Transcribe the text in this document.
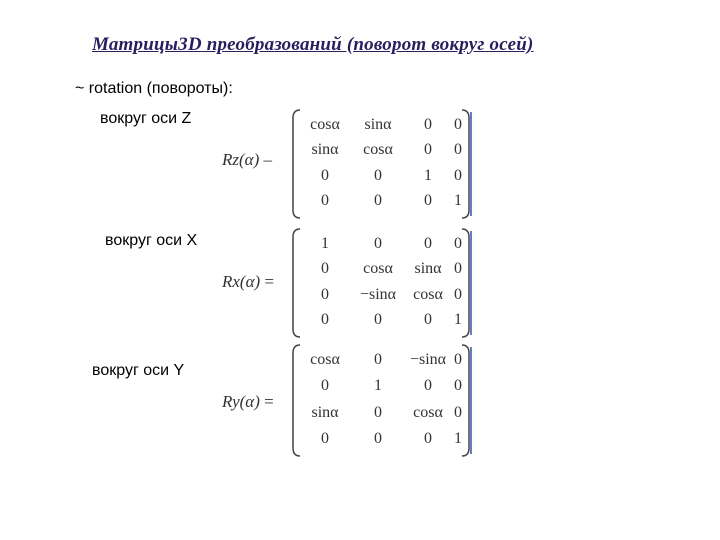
Матрицы3D преобразований (поворот вокруг осей)
~ rotation (повороты):
вокруг оси Z
Rz(α) –
cosα sinα 0 0
sinα cosα 0 0
0	0	1 0
0	0	0 1
вокруг оси X
Rx(α) =
1	0	0 0
0 cosα sinα 0
0 −sinα cosα 0
0	0	0 1
вокруг оси Y
Ry(α) =
cosα 0 −sinα 0
0	1	0 0
sinα 0 cosα 0
0	0	0 1
